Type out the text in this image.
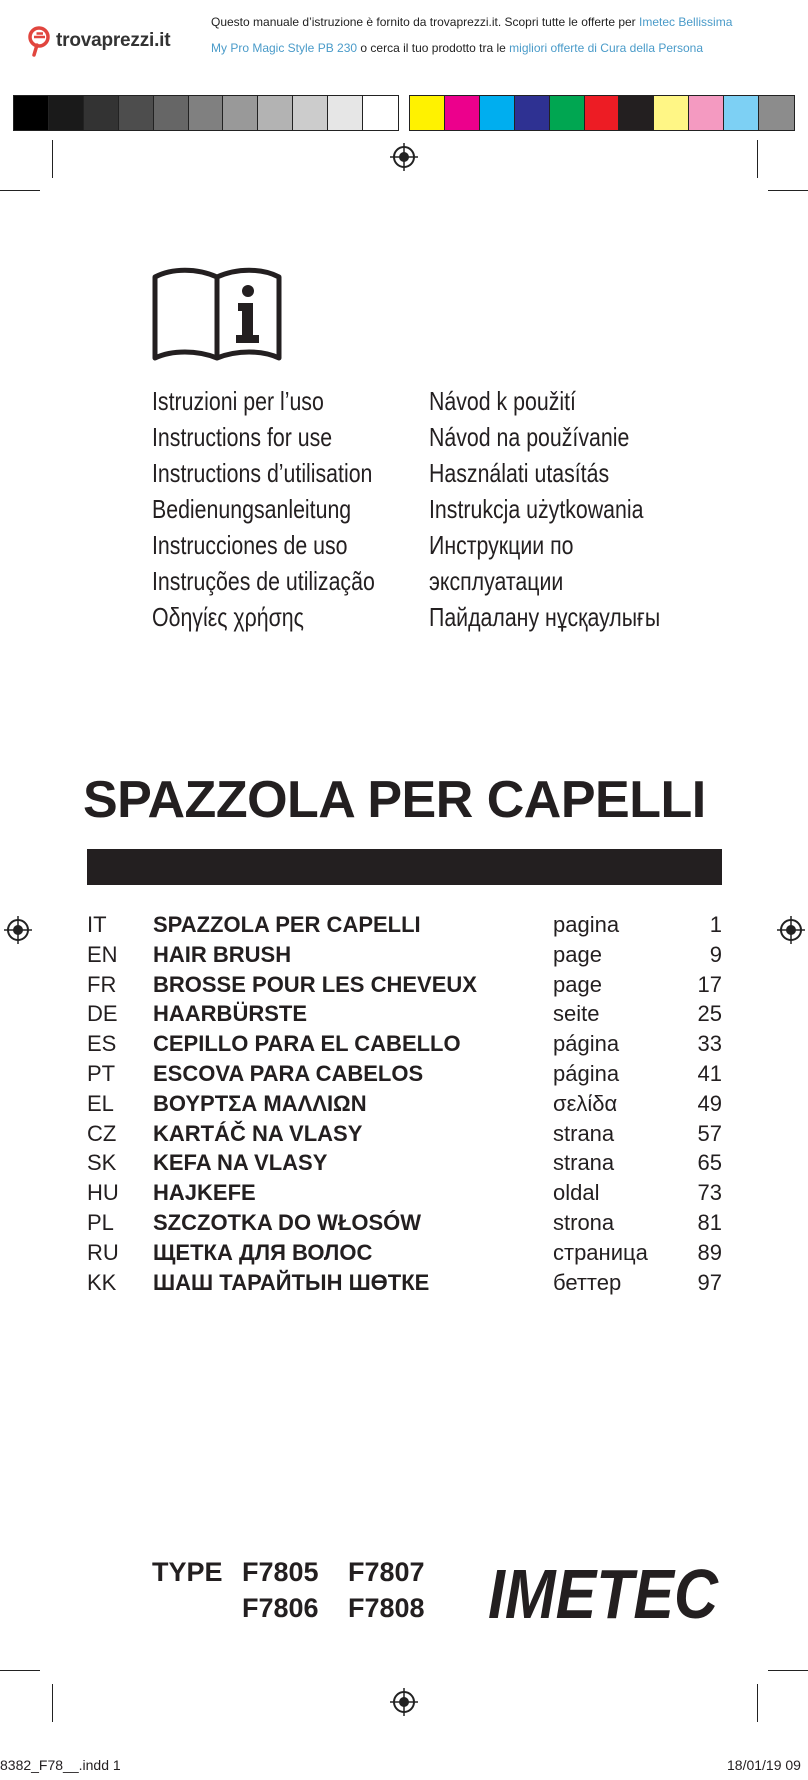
trovaprezzi.it
Questo manuale d’istruzione è fornito da trovaprezzi.it. Scopri tutte le offerte per Imetec Bellissima
My Pro Magic Style PB 230 o cerca il tuo prodotto tra le migliori offerte di Cura della Persona
Istruzioni per l’uso
Instructions for use
Instructions d’utilisation
Bedienungsanleitung
Instrucciones de uso
Instruções de utilização
Οδηγίες χρήσης
Návod k použití
Návod na používanie
Használati utasítás
Instrukcja użytkowania
Инструкции по
эксплуатации
Пайдалану нұсқаулығы
SPAZZOLA PER CAPELLI
IT SPAZZOLA PER CAPELLI	pagina	1
EN HAIR BRUSH	page	9
FR BROSSE POUR LES CHEVEUX	page	17
DE HAARBÜRSTE	seite	25
ES CEPILLO PARA EL CABELLO	página	33
PT ESCOVA PARA CABELOS	página	41
EL ΒΟΥΡΤΣΑ ΜΑΛΛΙΩΝ	σελίδα	49
CZ KARTÁČ NA VLASY	strana	57
SK KEFA NA VLASY	strana	65
HU HAJKEFE	oldal	73
PL SZCZOTKA DO WŁOSÓW	strona	81
RU ЩЕТКА ДЛЯ ВОЛОС	страница 89
KK ШАШ ТАРАЙТЫН ШӨТКЕ	беттер	97
TYPE F7805 F7807
F7806 F7808 IMETEC
8382_F78__.indd 1	18/01/19 09
